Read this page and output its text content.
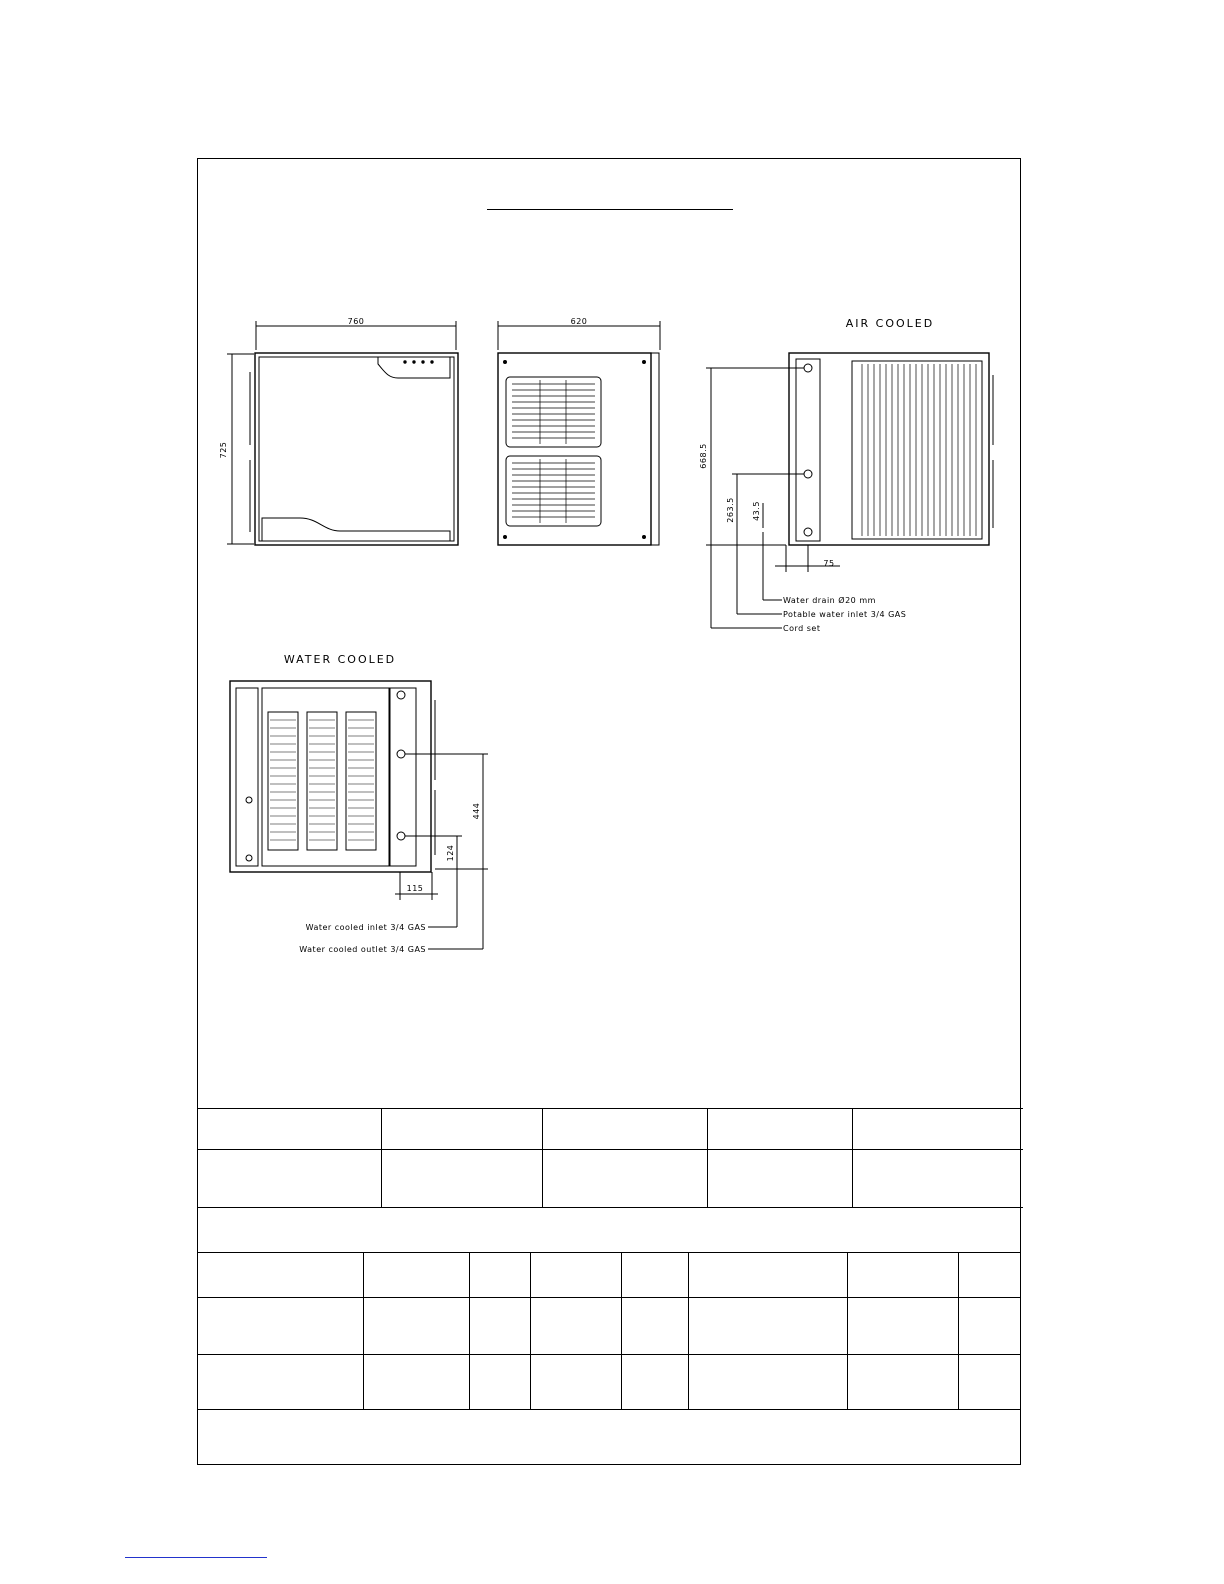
760
725
620	AIR COOLED
668.5
263.5 43.5
75
Water drain Ø20 mm
Potable water inlet 3/4 GAS
Cord set
WATER COOLED
444
124
115
Water cooled inlet 3/4 GAS
Water cooled outlet 3/4 GAS
